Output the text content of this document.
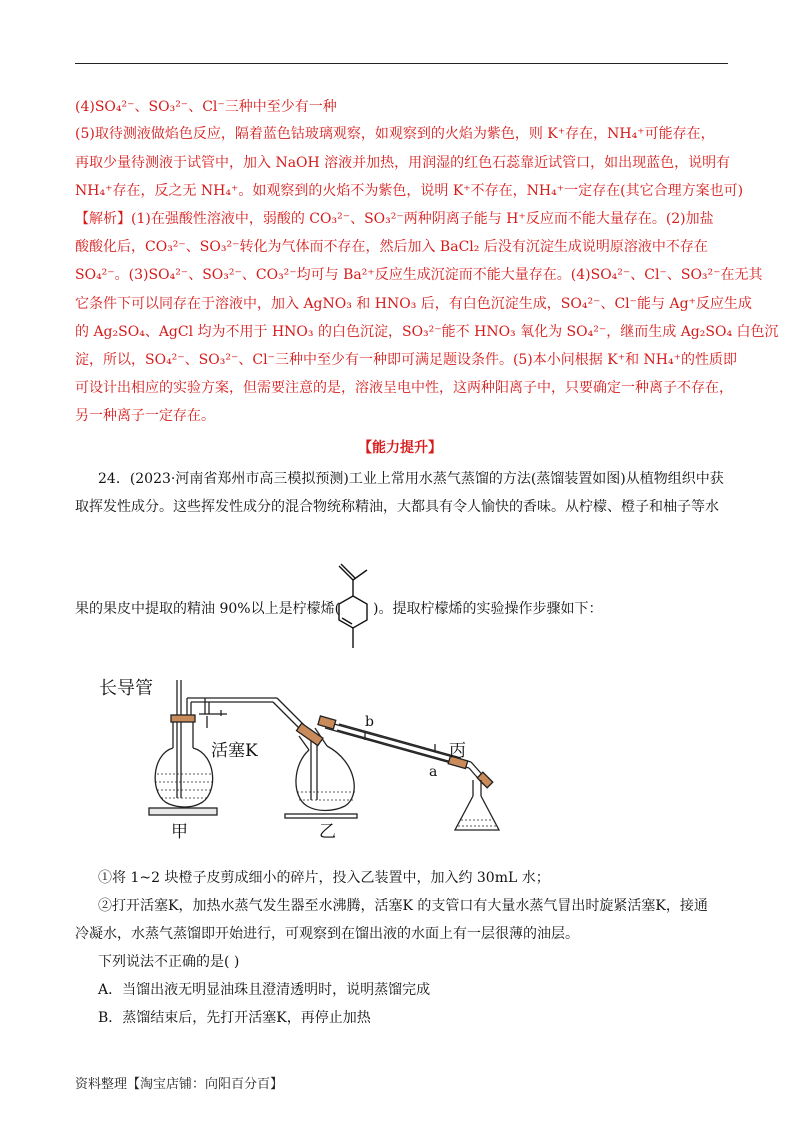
(4)SO₄²⁻、SO₃²⁻、Cl⁻三种中至少有一种
(5)取待测液做焰色反应，隔着蓝色钴玻璃观察，如观察到的火焰为紫色，则 K⁺存在，NH₄⁺可能存在，
再取少量待测液于试管中，加入 NaOH 溶液并加热，用润湿的红色石蕊靠近试管口，如出现蓝色，说明有
NH₄⁺存在，反之无 NH₄⁺。如观察到的火焰不为紫色，说明 K⁺不存在，NH₄⁺一定存在(其它合理方案也可)
【解析】(1)在强酸性溶液中，弱酸的 CO₃²⁻、SO₃²⁻两种阴离子能与 H⁺反应而不能大量存在。(2)加盐
酸酸化后，CO₃²⁻、SO₃²⁻转化为气体而不存在，然后加入 BaCl₂ 后没有沉淀生成说明原溶液中不存在
SO₄²⁻。(3)SO₄²⁻、SO₃²⁻、CO₃²⁻均可与 Ba²⁺反应生成沉淀而不能大量存在。(4)SO₄²⁻、Cl⁻、SO₃²⁻在无其
它条件下可以同存在于溶液中，加入 AgNO₃ 和 HNO₃ 后，有白色沉淀生成，SO₄²⁻、Cl⁻能与 Ag⁺反应生成
的 Ag₂SO₄、AgCl 均为不用于 HNO₃ 的白色沉淀，SO₃²⁻能不 HNO₃ 氧化为 SO₄²⁻，继而生成 Ag₂SO₄ 白色沉
淀，所以，SO₄²⁻、SO₃²⁻、Cl⁻三种中至少有一种即可满足题设条件。(5)本小问根据 K⁺和 NH₄⁺的性质即
可设计出相应的实验方案，但需要注意的是，溶液呈电中性，这两种阳离子中，只要确定一种离子不存在，
另一种离子一定存在。
【能力提升】
24．(2023·河南省郑州市高三模拟预测)工业上常用水蒸气蒸馏的方法(蒸馏装置如图)从植物组织中获
取挥发性成分。这些挥发性成分的混合物统称精油，大都具有令人愉快的香味。从柠檬、橙子和柚子等水
果的果皮中提取的精油 90%以上是柠檬烯( )。提取柠檬烯的实验操作步骤如下：
长导管
活塞K
b
a
甲	乙
丙
①将 1~2 块橙子皮剪成细小的碎片，投入乙装置中，加入约 30mL 水；
②打开活塞K，加热水蒸气发生器至水沸腾，活塞K 的支管口有大量水蒸气冒出时旋紧活塞K，接通
冷凝水，水蒸气蒸馏即开始进行，可观察到在馏出液的水面上有一层很薄的油层。
下列说法不正确的是( )
A．当馏出液无明显油珠且澄清透明时，说明蒸馏完成
B．蒸馏结束后，先打开活塞K，再停止加热
资料整理【淘宝店铺：向阳百分百】
